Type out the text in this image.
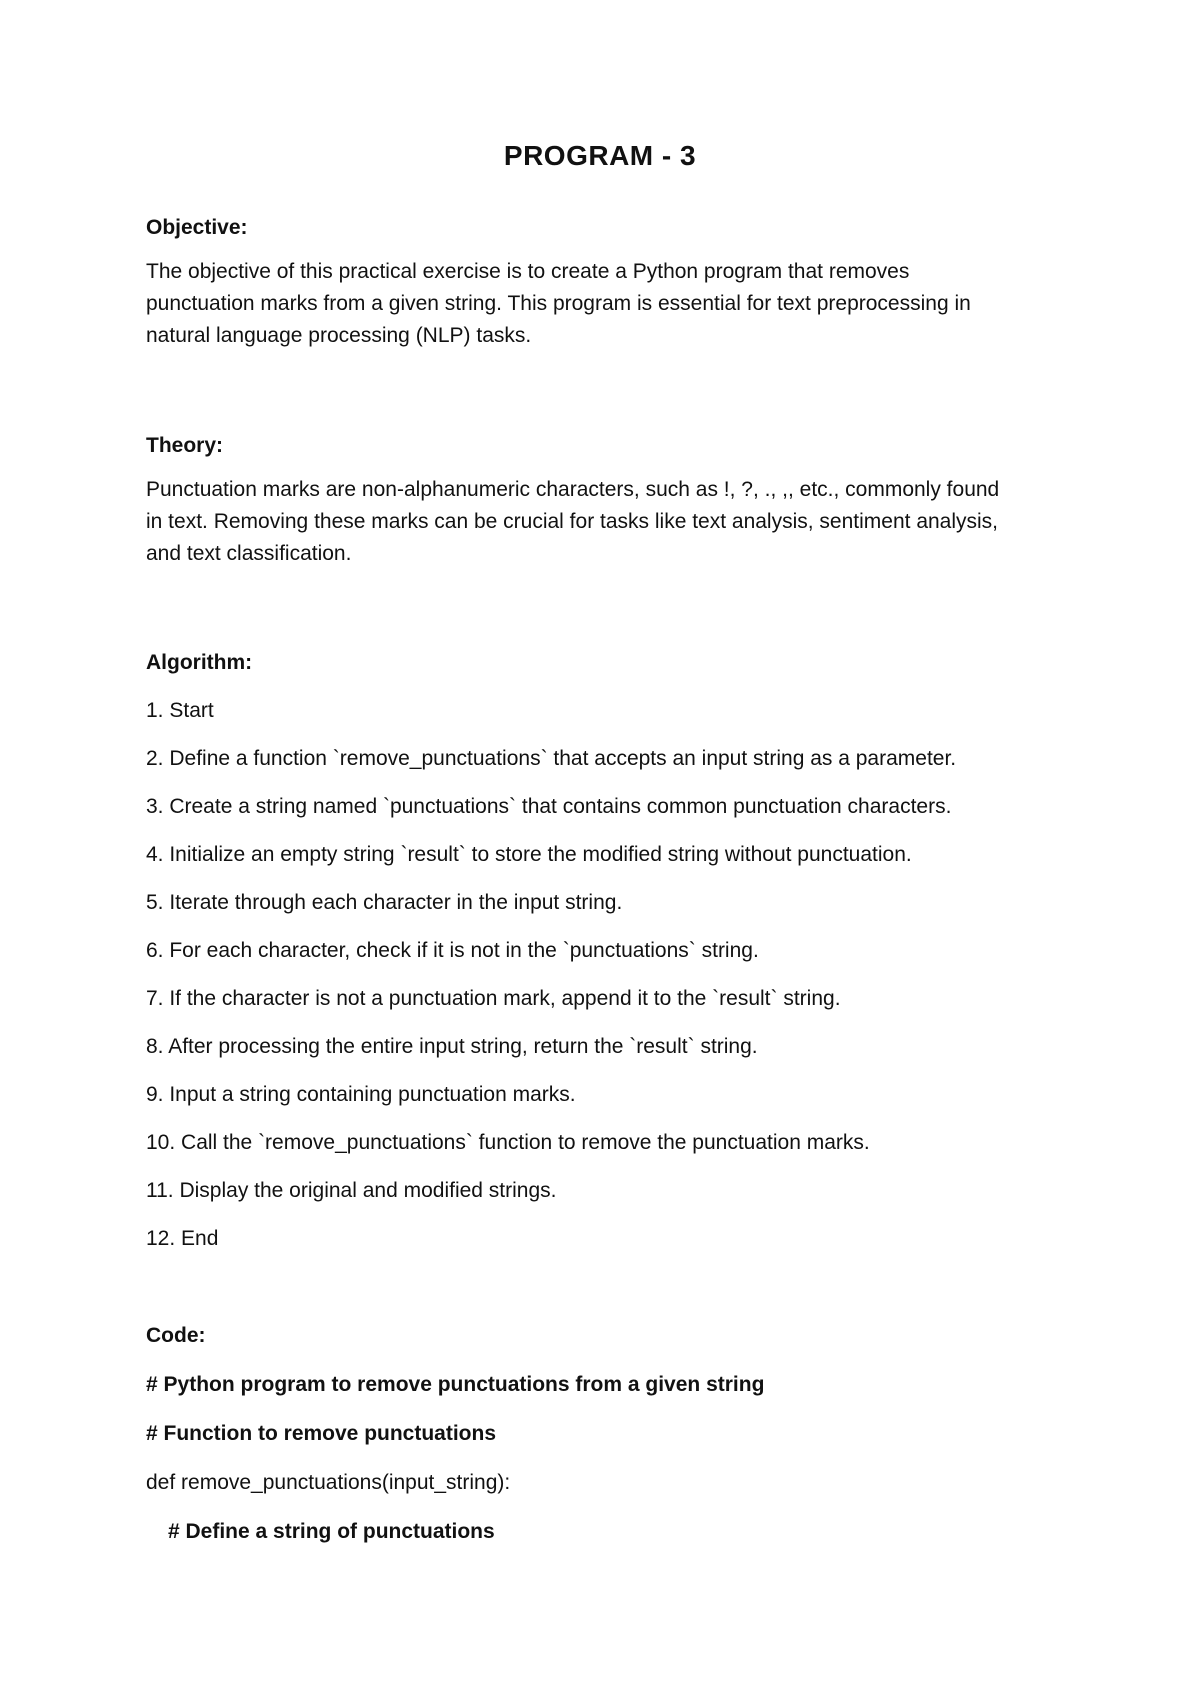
PROGRAM - 3
Objective:
The objective of this practical exercise is to create a Python program that removes
punctuation marks from a given string. This program is essential for text preprocessing in
natural language processing (NLP) tasks.
Theory:
Punctuation marks are non-alphanumeric characters, such as !, ?, ., ,, etc., commonly found
in text. Removing these marks can be crucial for tasks like text analysis, sentiment analysis,
and text classification.
Algorithm:
1. Start
2. Define a function `remove_punctuations` that accepts an input string as a parameter.
3. Create a string named `punctuations` that contains common punctuation characters.
4. Initialize an empty string `result` to store the modified string without punctuation.
5. Iterate through each character in the input string.
6. For each character, check if it is not in the `punctuations` string.
7. If the character is not a punctuation mark, append it to the `result` string.
8. After processing the entire input string, return the `result` string.
9. Input a string containing punctuation marks.
10. Call the `remove_punctuations` function to remove the punctuation marks.
11. Display the original and modified strings.
12. End
Code:
# Python program to remove punctuations from a given string
# Function to remove punctuations
def remove_punctuations(input_string):
# Define a string of punctuations
